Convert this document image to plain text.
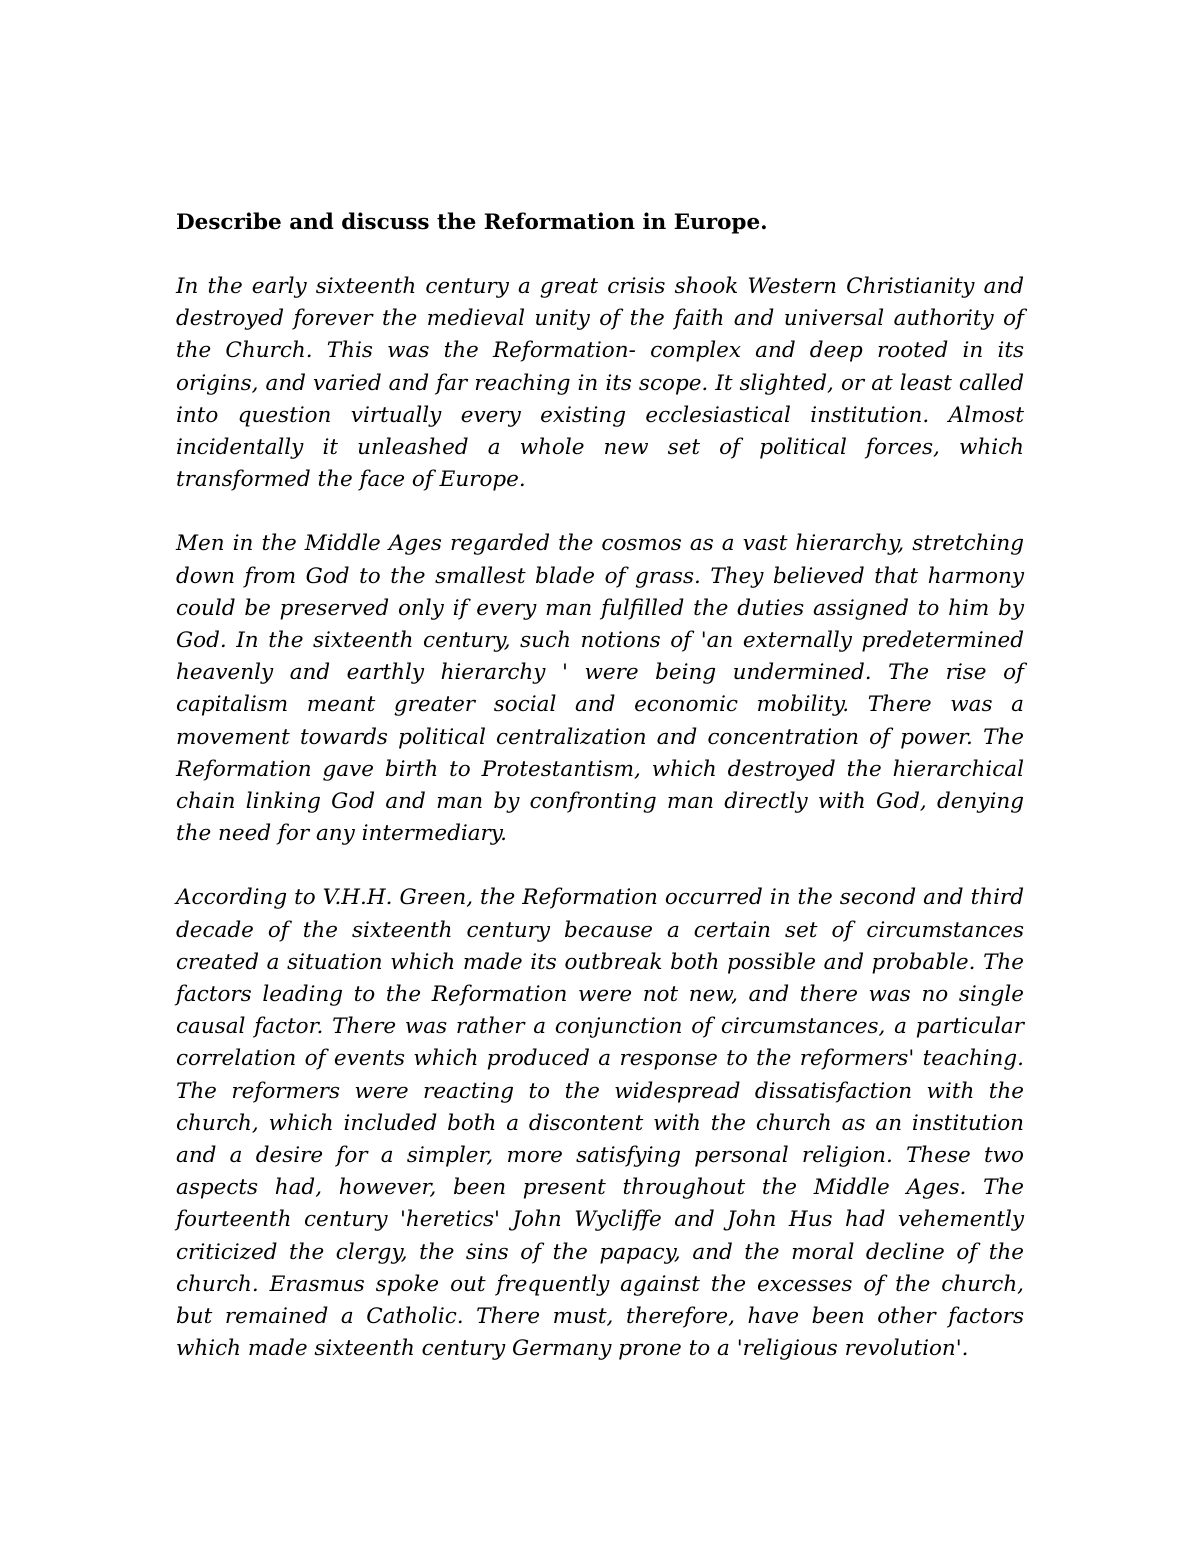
Describe and discuss the Reformation in Europe.

In the early sixteenth century a great crisis shook Western Christianity and destroyed forever the medieval unity of the faith and universal authority of the Church. This was the Reformation- complex and deep rooted in its origins, and varied and far reaching in its scope. It slighted, or at least called into question virtually every existing ecclesiastical institution. Almost incidentally it unleashed a whole new set of political forces, which transformed the face of Europe.

Men in the Middle Ages regarded the cosmos as a vast hierarchy, stretching down from God to the smallest blade of grass. They believed that harmony could be preserved only if every man fulfilled the duties assigned to him by God. In the sixteenth century, such notions of 'an externally predetermined heavenly and earthly hierarchy ' were being undermined. The rise of capitalism meant greater social and economic mobility. There was a movement towards political centralization and concentration of power. The Reformation gave birth to Protestantism, which destroyed the hierarchical chain linking God and man by confronting man directly with God, denying the need for any intermediary.

According to V.H.H. Green, the Reformation occurred in the second and third decade of the sixteenth century because a certain set of circumstances created a situation which made its outbreak both possible and probable. The factors leading to the Reformation were not new, and there was no single causal factor. There was rather a conjunction of circumstances, a particular correlation of events which produced a response to the reformers' teaching. The reformers were reacting to the widespread dissatisfaction with the church, which included both a discontent with the church as an institution and a desire for a simpler, more satisfying personal religion. These two aspects had, however, been present throughout the Middle Ages. The fourteenth century 'heretics' John Wycliffe and John Hus had vehemently criticized the clergy, the sins of the papacy, and the moral decline of the church. Erasmus spoke out frequently against the excesses of the church, but remained a Catholic. There must, therefore, have been other factors which made sixteenth century Germany prone to a 'religious revolution'.
